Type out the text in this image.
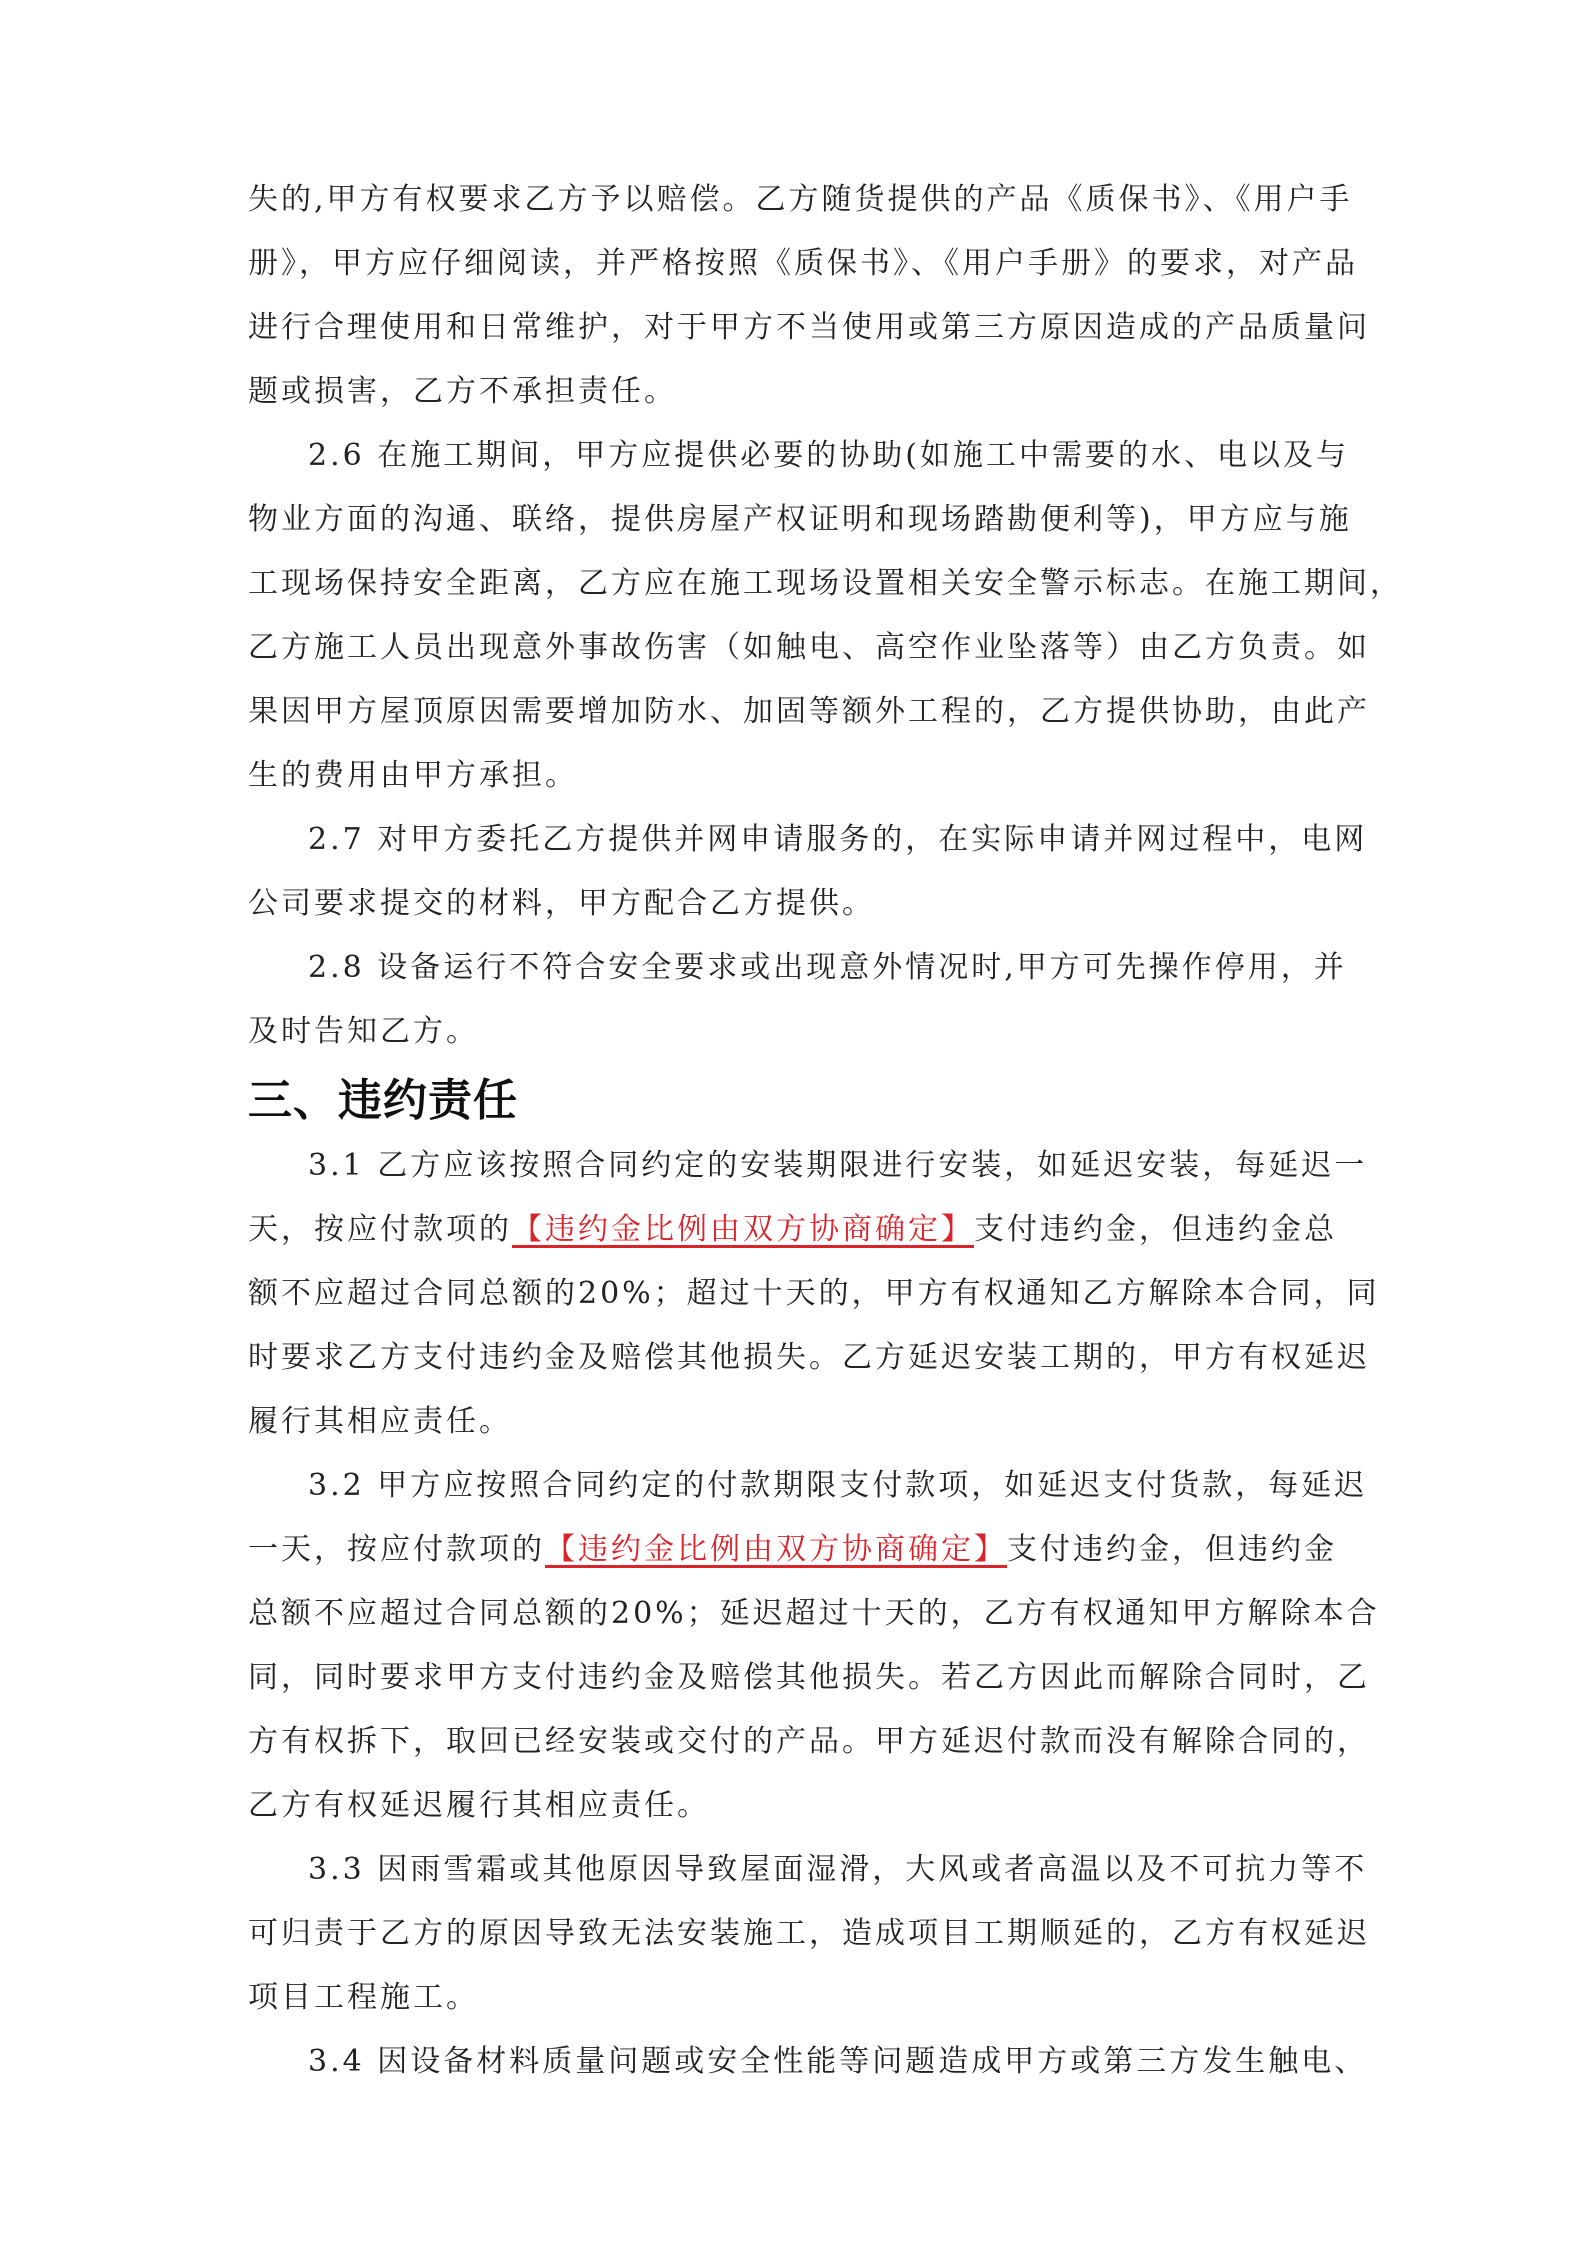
失的,甲方有权要求乙方予以赔偿。乙方随货提供的产品《质保书》、《用户手
册》，甲方应仔细阅读，并严格按照《质保书》、《用户手册》的要求，对产品
进行合理使用和日常维护，对于甲方不当使用或第三方原因造成的产品质量问
题或损害，乙方不承担责任。
2.6 在施工期间，甲方应提供必要的协助(如施工中需要的水、电以及与
物业方面的沟通、联络，提供房屋产权证明和现场踏勘便利等)，甲方应与施
工现场保持安全距离，乙方应在施工现场设置相关安全警示标志。在施工期间，
乙方施工人员出现意外事故伤害（如触电、高空作业坠落等）由乙方负责。如
果因甲方屋顶原因需要增加防水、加固等额外工程的，乙方提供协助，由此产
生的费用由甲方承担。
2.7 对甲方委托乙方提供并网申请服务的，在实际申请并网过程中，电网
公司要求提交的材料，甲方配合乙方提供。
2.8 设备运行不符合安全要求或出现意外情况时,甲方可先操作停用，并
及时告知乙方。
三、违约责任
3.1 乙方应该按照合同约定的安装期限进行安装，如延迟安装，每延迟一
天，按应付款项的【违约金比例由双方协商确定】支付违约金，但违约金总
额不应超过合同总额的20%；超过十天的，甲方有权通知乙方解除本合同，同
时要求乙方支付违约金及赔偿其他损失。乙方延迟安装工期的，甲方有权延迟
履行其相应责任。
3.2 甲方应按照合同约定的付款期限支付款项，如延迟支付货款，每延迟
一天，按应付款项的【违约金比例由双方协商确定】支付违约金，但违约金
总额不应超过合同总额的20%；延迟超过十天的，乙方有权通知甲方解除本合
同，同时要求甲方支付违约金及赔偿其他损失。若乙方因此而解除合同时，乙
方有权拆下，取回已经安装或交付的产品。甲方延迟付款而没有解除合同的，
乙方有权延迟履行其相应责任。
3.3 因雨雪霜或其他原因导致屋面湿滑，大风或者高温以及不可抗力等不
可归责于乙方的原因导致无法安装施工，造成项目工期顺延的，乙方有权延迟
项目工程施工。
3.4 因设备材料质量问题或安全性能等问题造成甲方或第三方发生触电、
